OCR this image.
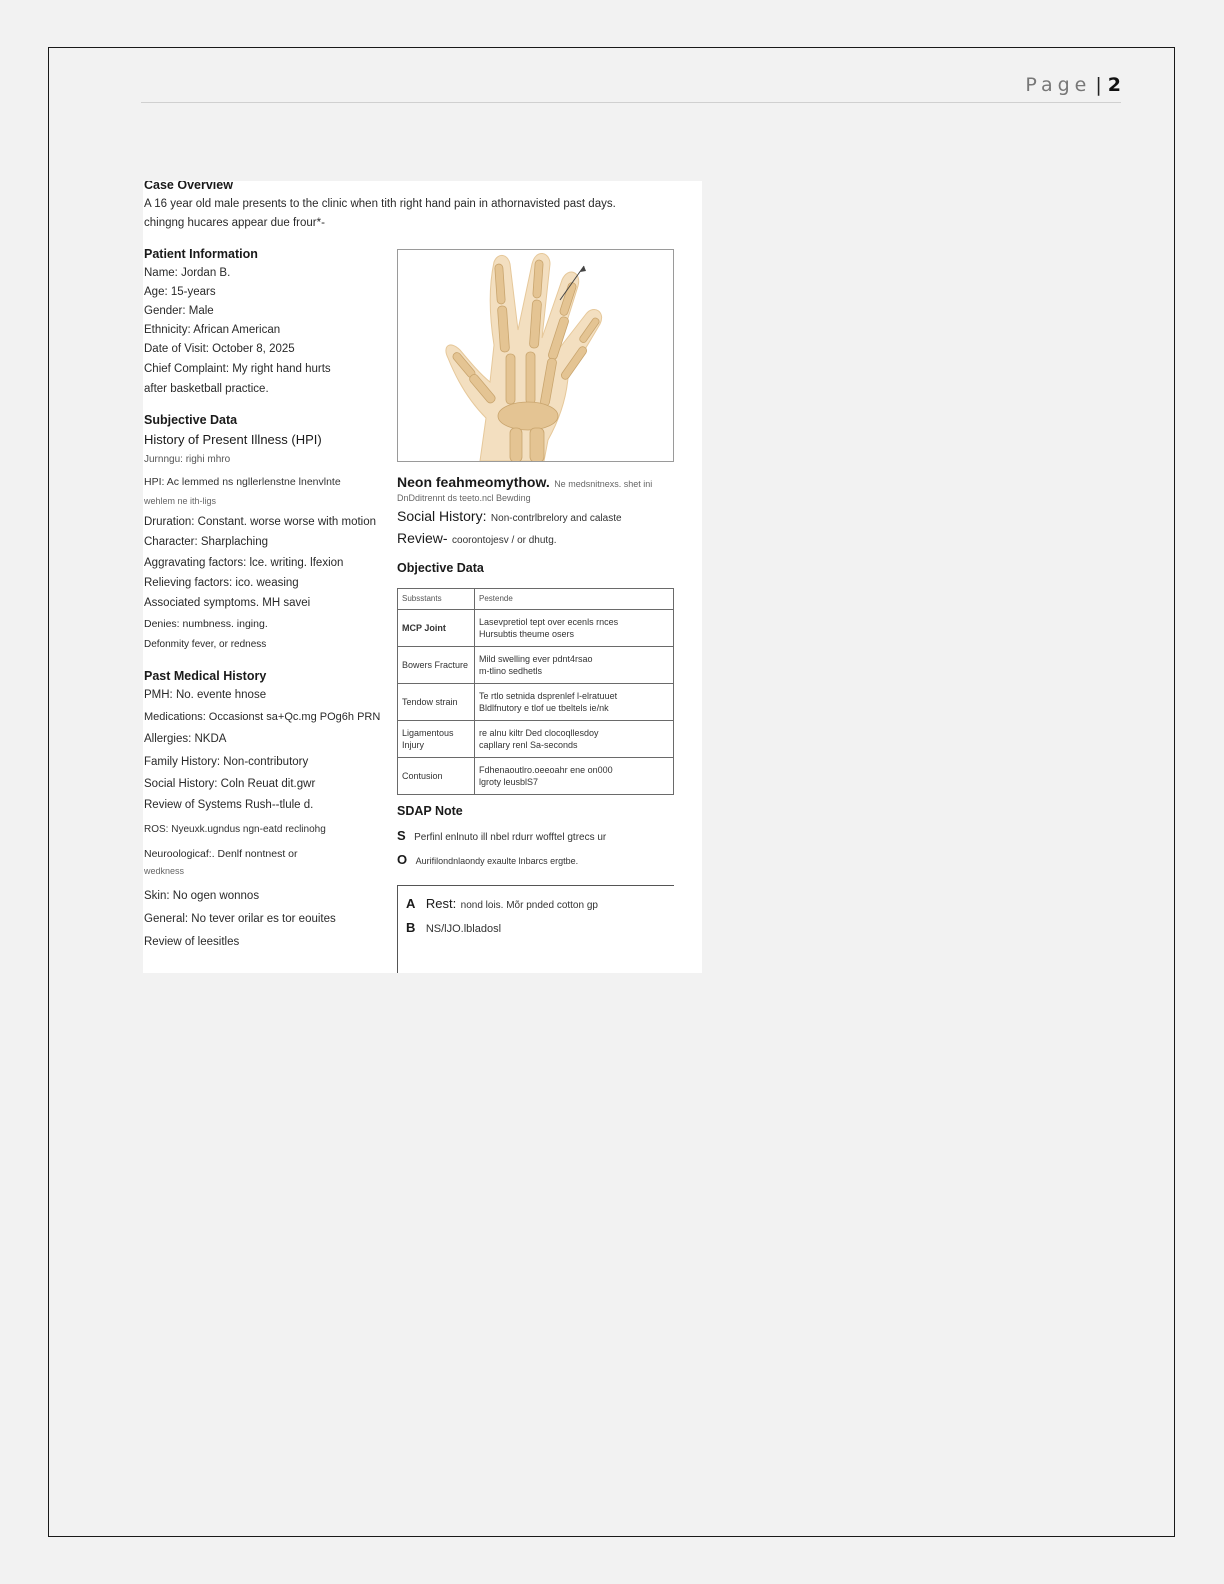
Page | 2
Case Overview
A 16 year old male presents to the clinic when tith right hand pain in athornavisted past days.
chingng hucares appear due frour*-
Patient Information
Name: Jordan B.
Age: 15-years
Gender: Male
Ethnicity: African American
Date of Visit: October 8, 2025
Chief Complaint: My right hand hurts
after basketball practice.
Subjective Data
History of Present Illness (HPI)
Jurnngu: righi mhro
HPI: Ac lemmed ns ngllerlenstne lnenvlnte
wehlem ne ith-ligs
Druration: Constant. worse worse with motion
Character: Sharplaching
Aggravating factors: lce. writing. lfexion
Relieving factors: ico. weasing
Associated symptoms. MH savei
Denies: numbness. inging.
Defonmity fever, or redness
Past Medical History
PMH: No. evente hnose
Medications: Occasionst sa+Qc.mg POg6h PRN
Allergies: NKDA
Family History: Non-contributory
Social History: Coln Reuat dit.gwr
Review of Systems Rush--tlule d.
ROS: Nyeuxk.ugndus ngn-eatd reclinohg
Neuroologicaf:. Denlf nontnest or
wedkness
Skin: No ogen wonnos
General: No tever orilar es tor eouites
Review of leesitles
Neon feahmeomythow. Ne medsnitnexs. shet ini
DnDditrennt ds teeto.ncl Bewding
Social History: Non-contrlbrelory and calaste
Review- coorontojesv / or dhutg.
Objective Data
Subsstants	Pestende
MCP Joint	Lasevpretiol tept over ecenls rnces
Hursubtis theume osers

Bowers Fracture	Mild swelling ever pdnt4rsao
m-tlino sedhetls

Tendow strain	Te rtlo setnida dsprenlef l-elratuuet
Bldlfnutory e tlof ue tbeltels ie/nk

Ligamentous Injury	re alnu kiltr Ded clocoqllesdoy
capllary renl Sa-seconds

Contusion	Fdhenaoutlro.oeeoahr ene on000
lgroty leusblS7
SDAP Note
S Perfinl enlnuto ill nbel rdurr wofftel gtrecs ur
O Aurifilondnlaondy exaulte lnbarcs ergtbe.
A Rest: nond lois. Mõr pnded cotton gp
B NS/lJO.lbladosl
